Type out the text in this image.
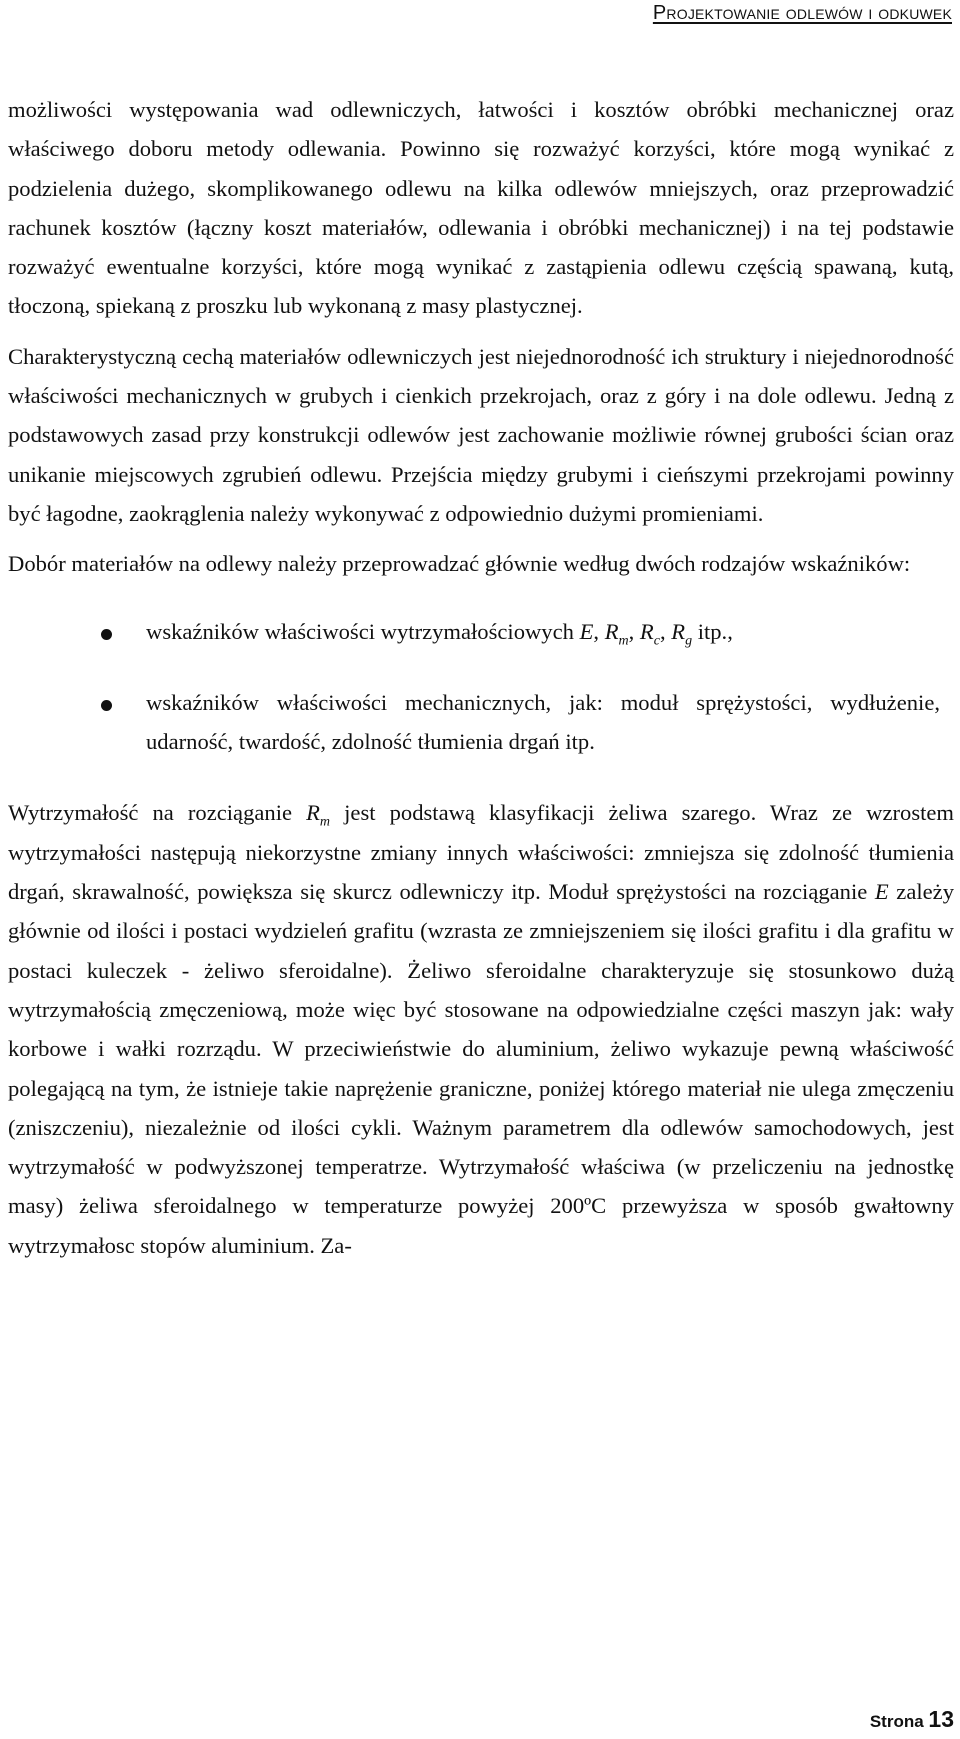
Projektowanie odlewów i odkuwek

możliwości występowania wad odlewniczych, łatwości i kosztów obróbki mechanicznej oraz właściwego doboru metody odlewania. Powinno się rozważyć korzyści, które mogą wynikać z podzielenia dużego, skomplikowanego odlewu na kilka odlewów mniejszych, oraz przeprowadzić rachunek kosztów (łączny koszt materiałów, odlewania i obróbki mechanicznej) i na tej podstawie rozważyć ewentualne korzyści, które mogą wynikać z zastąpienia odlewu częścią spawaną, kutą, tłoczoną, spiekaną z proszku lub wykonaną z masy plastycznej.

Charakterystyczną cechą materiałów odlewniczych jest niejednorodność ich struktury i niejednorodność właściwości mechanicznych w grubych i cienkich przekrojach, oraz z góry i na dole odlewu. Jedną z podstawowych zasad przy konstrukcji odlewów jest zachowanie możliwie równej grubości ścian oraz unikanie miejscowych zgrubień odlewu. Przejścia między grubymi i cieńszymi przekrojami powinny być łagodne, zaokrąglenia należy wykonywać z odpowiednio dużymi promieniami.

Dobór materiałów na odlewy należy przeprowadzać głównie według dwóch rodzajów wskaźników:

wskaźników właściwości wytrzymałościowych E, $R_m$, $R_c$, $R_g$ itp.,
wskaźników właściwości mechanicznych, jak: moduł sprężystości, wydłużenie, udarność, twardość, zdolność tłumienia drgań itp.

Wytrzymałość na rozciąganie $R_m$ jest podstawą klasyfikacji żeliwa szarego. Wraz ze wzrostem wytrzymałości następują niekorzystne zmiany innych właściwości: zmniejsza się zdolność tłumienia drgań, skrawalność, powiększa się skurcz odlewniczy itp. Moduł sprężystości na rozciąganie E zależy głównie od ilości i postaci wydzieleń grafitu (wzrasta ze zmniejszeniem się ilości grafitu i dla grafitu w postaci kuleczek - żeliwo sferoidalne). Żeliwo sferoidalne charakteryzuje się stosunkowo dużą wytrzymałością zmęczeniową, może więc być stosowane na odpowiedzialne części maszyn jak: wały korbowe i wałki rozrządu. W przeciwieństwie do aluminium, żeliwo wykazuje pewną właściwość polegającą na tym, że istnieje takie naprężenie graniczne, poniżej którego materiał nie ulega zmęczeniu (zniszczeniu), niezależnie od ilości cykli. Ważnym parametrem dla odlewów samochodowych, jest wytrzymałość w podwyższonej temperatrze. Wytrzymałość właściwa (w przeliczeniu na jednostkę masy) żeliwa sferoidalnego w temperaturze powyżej 200ºC przewyższa w sposób gwałtowny wytrzymałosc stopów aluminium. Za-

Strona 13
